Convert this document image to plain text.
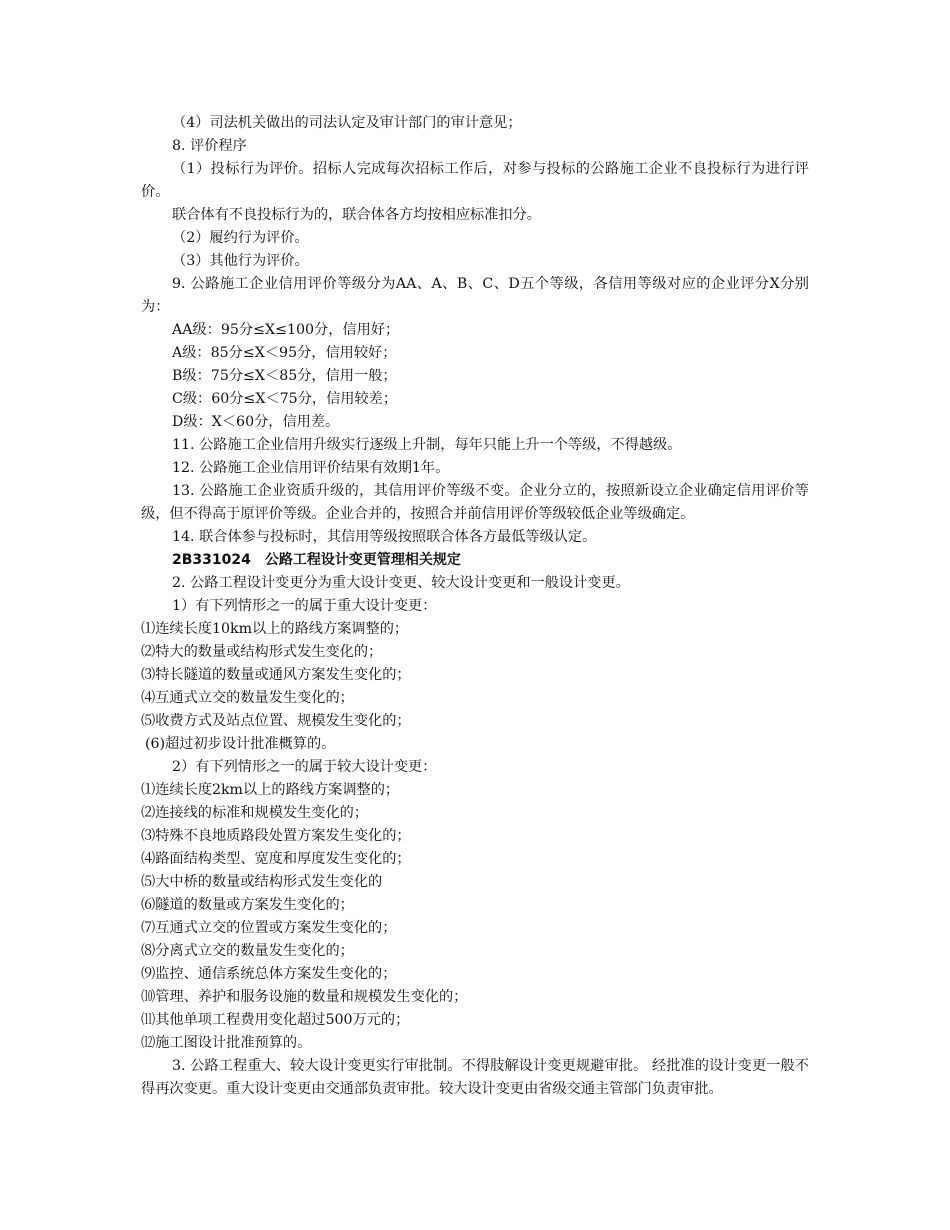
（4）司法机关做出的司法认定及审计部门的审计意见；

8. 评价程序

（1）投标行为评价。招标人完成每次招标工作后，对参与投标的公路施工企业不良投标行为进行评价。

联合体有不良投标行为的，联合体各方均按相应标准扣分。

（2）履约行为评价。

（3）其他行为评价。

9. 公路施工企业信用评价等级分为AA、A、B、C、D五个等级，各信用等级对应的企业评分X分别为：

AA级：95分≤X≤100分，信用好；

A级：85分≤X＜95分，信用较好；

B级：75分≤X＜85分，信用一般；

C级：60分≤X＜75分，信用较差；

D级：X＜60分，信用差。

11. 公路施工企业信用升级实行逐级上升制，每年只能上升一个等级，不得越级。

12. 公路施工企业信用评价结果有效期1年。

13. 公路施工企业资质升级的，其信用评价等级不变。企业分立的，按照新设立企业确定信用评价等级，但不得高于原评价等级。企业合并的，按照合并前信用评价等级较低企业等级确定。

14. 联合体参与投标时，其信用等级按照联合体各方最低等级认定。

2B331024　公路工程设计变更管理相关规定

2. 公路工程设计变更分为重大设计变更、较大设计变更和一般设计变更。

1）有下列情形之一的属于重大设计变更：

⑴连续长度10km以上的路线方案调整的；

⑵特大的数量或结构形式发生变化的；

⑶特长隧道的数量或通风方案发生变化的；

⑷互通式立交的数量发生变化的；

⑸收费方式及站点位置、规模发生变化的；

(6)超过初步设计批准概算的。

2）有下列情形之一的属于较大设计变更：

⑴连续长度2km以上的路线方案调整的；

⑵连接线的标准和规模发生变化的；

⑶特殊不良地质路段处置方案发生变化的；

⑷路面结构类型、宽度和厚度发生变化的；

⑸大中桥的数量或结构形式发生变化的

⑹隧道的数量或方案发生变化的；

⑺互通式立交的位置或方案发生变化的；

⑻分离式立交的数量发生变化的；

⑼监控、通信系统总体方案发生变化的；

⑽管理、养护和服务设施的数量和规模发生变化的；

⑾其他单项工程费用变化超过500万元的；

⑿施工图设计批准预算的。

3. 公路工程重大、较大设计变更实行审批制。不得肢解设计变更规避审批。 经批准的设计变更一般不得再次变更。重大设计变更由交通部负责审批。较大设计变更由省级交通主管部门负责审批。
